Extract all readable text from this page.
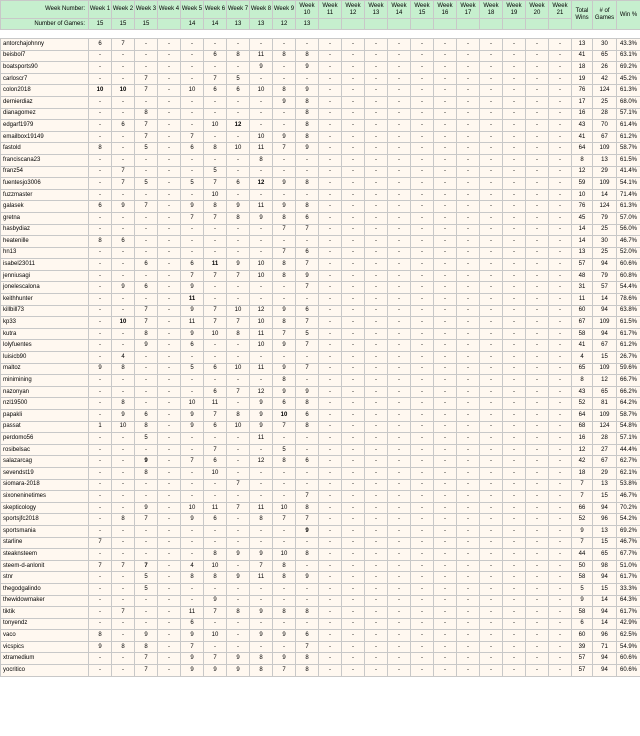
Week Number:	Week 1	Week 2	Week 3	Week 4	Week 5	Week 6	Week 7	Week 8	Week 9	Week 10	Week 11	Week 12	Week 13	Week 14	Week 15	Week 16	Week 17	Week 18	Week 19	Week 20	Week 21	Total Wins	# of Games	Win %
Number of Games:	15	15	15		14	14	13	13	12	13														

antorchajohnny	6	7	-	-	-	-	-	-	-	-	-	-	-	-	-	-	-	-	-	-	-	13	30	43.3%
beisbol7	-	-	-	-	-	6	8	11	8	8	-	-	-	-	-	-	-	-	-	-	-	41	65	63.1%
boatsports90	-	-	-	-	-	-	-	9	-	9	-	-	-	-	-	-	-	-	-	-	-	18	26	69.2%
carloscr7	-	-	7	-	-	7	5	-	-	-	-	-	-	-	-	-	-	-	-	-	-	19	42	45.2%
colon2018	10	10	7	-	10	6	6	10	8	9	-	-	-	-	-	-	-	-	-	-	-	76	124	61.3%
dernierdiaz	-	-	-	-	-	-	-	-	9	8	-	-	-	-	-	-	-	-	-	-	-	17	25	68.0%
dianagomez	-	-	8	-	-	-	-	-	-	8	-	-	-	-	-	-	-	-	-	-	-	16	28	57.1%
edgarf1979	-	6	7	-	-	10	12	-	-	8	-	-	-	-	-	-	-	-	-	-	-	43	70	61.4%
emailbox19149	-	-	7	-	7	-	-	10	9	8	-	-	-	-	-	-	-	-	-	-	-	41	67	61.2%
fastold	8	-	5	-	6	8	10	11	7	9	-	-	-	-	-	-	-	-	-	-	-	64	109	58.7%
franciscana23	-	-	-	-	-	-	-	8	-	-	-	-	-	-	-	-	-	-	-	-	-	8	13	61.5%
franz54	-	7	-	-	-	5	-	-	-	-	-	-	-	-	-	-	-	-	-	-	-	12	29	41.4%
fuentesjo3006	-	7	5	-	5	7	6	12	9	8	-	-	-	-	-	-	-	-	-	-	-	59	109	54.1%
fuzzmaster	-	-	-	-	-	10	-	-	-	-	-	-	-	-	-	-	-	-	-	-	-	10	14	71.4%
galasek	6	9	7	-	9	8	9	11	9	8	-	-	-	-	-	-	-	-	-	-	-	76	124	61.3%
gretna	-	-	-	-	7	7	8	9	8	6	-	-	-	-	-	-	-	-	-	-	-	45	79	57.0%
hasbydiaz	-	-	-	-	-	-	-	-	7	7	-	-	-	-	-	-	-	-	-	-	-	14	25	56.0%
heatenille	8	6	-	-	-	-	-	-	-	-	-	-	-	-	-	-	-	-	-	-	-	14	30	46.7%
hn13	-	-	-	-	-	-	-	-	7	6	-	-	-	-	-	-	-	-	-	-	-	13	25	52.0%
isabel23011	-	-	6	-	6	11	9	10	8	7	-	-	-	-	-	-	-	-	-	-	-	57	94	60.6%
jenniusagi	-	-	-	-	7	7	7	10	8	9	-	-	-	-	-	-	-	-	-	-	-	48	79	60.8%
jonelescalona	-	9	6	-	9	-	-	-	-	7	-	-	-	-	-	-	-	-	-	-	-	31	57	54.4%
keithhunter	-	-	-	-	11	-	-	-	-	-	-	-	-	-	-	-	-	-	-	-	-	11	14	78.6%
killbill73	-	-	7	-	9	7	10	12	9	6	-	-	-	-	-	-	-	-	-	-	-	60	94	63.8%
kp33	-	10	7	-	11	7	7	10	8	7	-	-	-	-	-	-	-	-	-	-	-	67	109	61.5%
kutra	-	-	8	-	9	10	8	11	7	5	-	-	-	-	-	-	-	-	-	-	-	58	94	61.7%
lolyfuentes	-	-	9	-	6	-	-	10	9	7	-	-	-	-	-	-	-	-	-	-	-	41	67	61.2%
luisicb90	-	4	-	-	-	-	-	-	-	-	-	-	-	-	-	-	-	-	-	-	-	4	15	26.7%
maltoz	9	8	-	-	5	6	10	11	9	7	-	-	-	-	-	-	-	-	-	-	-	65	109	59.6%
minimining	-	-	-	-	-	-	-	-	8	-	-	-	-	-	-	-	-	-	-	-	-	8	12	66.7%
nazonyan	-	-	-	-	-	6	7	12	9	9	-	-	-	-	-	-	-	-	-	-	-	43	65	66.2%
nzl19500	-	8	-	-	10	11	-	9	6	8	-	-	-	-	-	-	-	-	-	-	-	52	81	64.2%
papakli	-	9	6	-	9	7	8	9	10	6	-	-	-	-	-	-	-	-	-	-	-	64	109	58.7%
passat	1	10	8	-	9	6	10	9	7	8	-	-	-	-	-	-	-	-	-	-	-	68	124	54.8%
perdomo56	-	-	5	-	-	-	-	11	-	-	-	-	-	-	-	-	-	-	-	-	-	16	28	57.1%
rosibelsac	-	-	-	-	-	7	-	-	5	-	-	-	-	-	-	-	-	-	-	-	-	12	27	44.4%
salazarcag	-	-	9	-	7	6	-	12	8	6	-	-	-	-	-	-	-	-	-	-	-	42	67	62.7%
sevendst19	-	-	8	-	-	10	-	-	-	-	-	-	-	-	-	-	-	-	-	-	-	18	29	62.1%
siomara-2018	-	-	-	-	-	-	7	-	-	-	-	-	-	-	-	-	-	-	-	-	-	7	13	53.8%
sixoneninetimes	-	-	-	-	-	-	-	-	-	7	-	-	-	-	-	-	-	-	-	-	-	7	15	46.7%
skepticology	-	-	9	-	10	11	7	11	10	8	-	-	-	-	-	-	-	-	-	-	-	66	94	70.2%
sportsjfc2018	-	8	7	-	9	6	-	8	7	7	-	-	-	-	-	-	-	-	-	-	-	52	96	54.2%
sportsmania	-	-	-	-	-	-	-	-	-	9	-	-	-	-	-	-	-	-	-	-	-	9	13	69.2%
starline	7	-	-	-	-	-	-	-	-	-	-	-	-	-	-	-	-	-	-	-	-	7	15	46.7%
steaknsteem	-	-	-	-	-	8	9	9	10	8	-	-	-	-	-	-	-	-	-	-	-	44	65	67.7%
steem-d-anlonit	7	7	7	-	4	10	-	7	8	-	-	-	-	-	-	-	-	-	-	-	-	50	98	51.0%
stnr	-	-	5	-	8	8	9	11	8	9	-	-	-	-	-	-	-	-	-	-	-	58	94	61.7%
thegodgalindo	-	-	5	-	-	-	-	-	-	-	-	-	-	-	-	-	-	-	-	-	-	5	15	33.3%
thewidowmaker	-	-	-	-	-	9	-	-	-	-	-	-	-	-	-	-	-	-	-	-	-	9	14	64.3%
tiktik	-	7	-	-	11	7	8	9	8	8	-	-	-	-	-	-	-	-	-	-	-	58	94	61.7%
tonyendz	-	-	-	-	6	-	-	-	-	-	-	-	-	-	-	-	-	-	-	-	-	6	14	42.9%
vaco	8	-	9	-	9	10	-	9	9	6	-	-	-	-	-	-	-	-	-	-	-	60	96	62.5%
vicspics	9	8	8	-	7	-	-	-	-	7	-	-	-	-	-	-	-	-	-	-	-	39	71	54.9%
xtramedium	-	-	7	-	9	7	9	8	9	8	-	-	-	-	-	-	-	-	-	-	-	57	94	60.6%
yocritico	-	-	7	-	9	9	9	8	7	8	-	-	-	-	-	-	-	-	-	-	-	57	94	60.6%
